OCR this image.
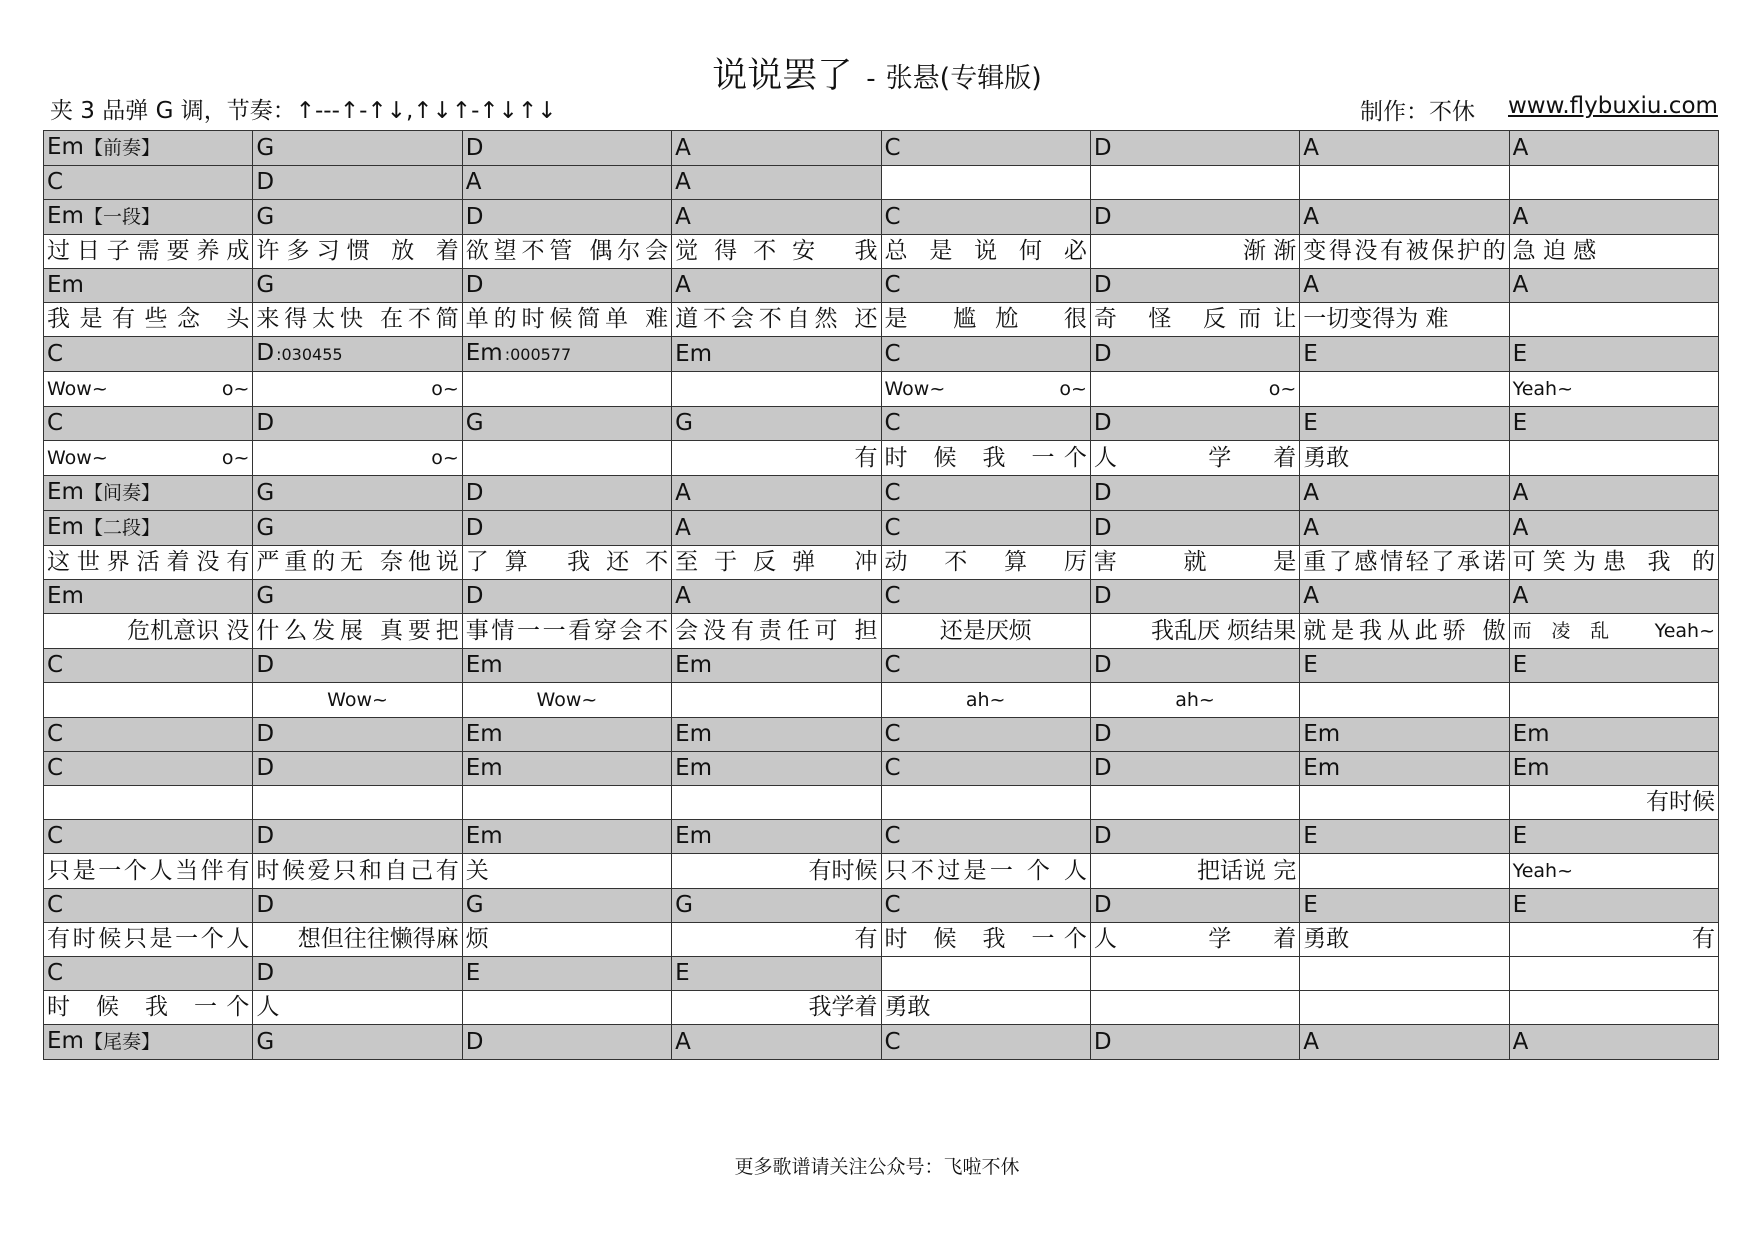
说说罢了 - 张悬(专辑版)
夹 3 品弹 G 调，节奏：↑---↑-↑↓,↑↓↑-↑↓↑↓	制作：不休 www.flybuxiu.com
Em【前奏】	G	D	A	C	D	A	A
C	D	A	A				
Em【一段】	G	D	A	C	D	A	A
过日子需要养成	许多习惯 放 着	欲望不管 偶尔会	觉得不安 我	总 是 说 何 必	渐 渐	变得没有被保护的	急 迫 感
Em	G	D	A	C	D	A	A
我是有些念 头	来得太快 在不简	单的时候简单 难	道不会不自然 还	是 尴尬 很	奇 怪 反而让	一切变得为 难	
C	D :030455	Em :000577	Em	C	D	E	E
Wow~ o~	o~			Wow~ o~	o~		Yeah~
C	D	G	G	C	D	E	E
Wow~ o~	o~		有	时 候 我 一个	人 学着	勇敢	
Em【间奏】	G	D	A	C	D	A	A
Em【二段】	G	D	A	C	D	A	A
这世界活着没有	严重的无 奈他说	了算 我还不	至于反弹 冲	动 不 算 厉	害 就 是	重了感情轻了承诺	可笑为患 我 的
Em	G	D	A	C	D	A	A
危机意识 没	什么发展 真要把	事情一一看穿会不	会没有责任可 担	还是厌烦	我乱厌 烦结果	就是我从此骄 傲	而凌乱 Yeah~
C	D	Em	Em	C	D	E	E
	Wow~	Wow~		ah~	ah~		
C	D	Em	Em	C	D	Em	Em
C	D	Em	Em	C	D	Em	Em
							有时候
C	D	Em	Em	C	D	E	E
只是一个人当伴有	时候爱只和自己有	关	有时候	只不过是一 个 人	把话说 完		Yeah~
C	D	G	G	C	D	E	E
有时候只是一个人	想但往往懒得麻	烦	有	时 候 我 一个	人 学着	勇敢	有
C	D	E	E				
时 候 我 一个	人		我学着	勇敢			
Em【尾奏】	G	D	A	C	D	A	A
更多歌谱请关注公众号：飞啦不休
